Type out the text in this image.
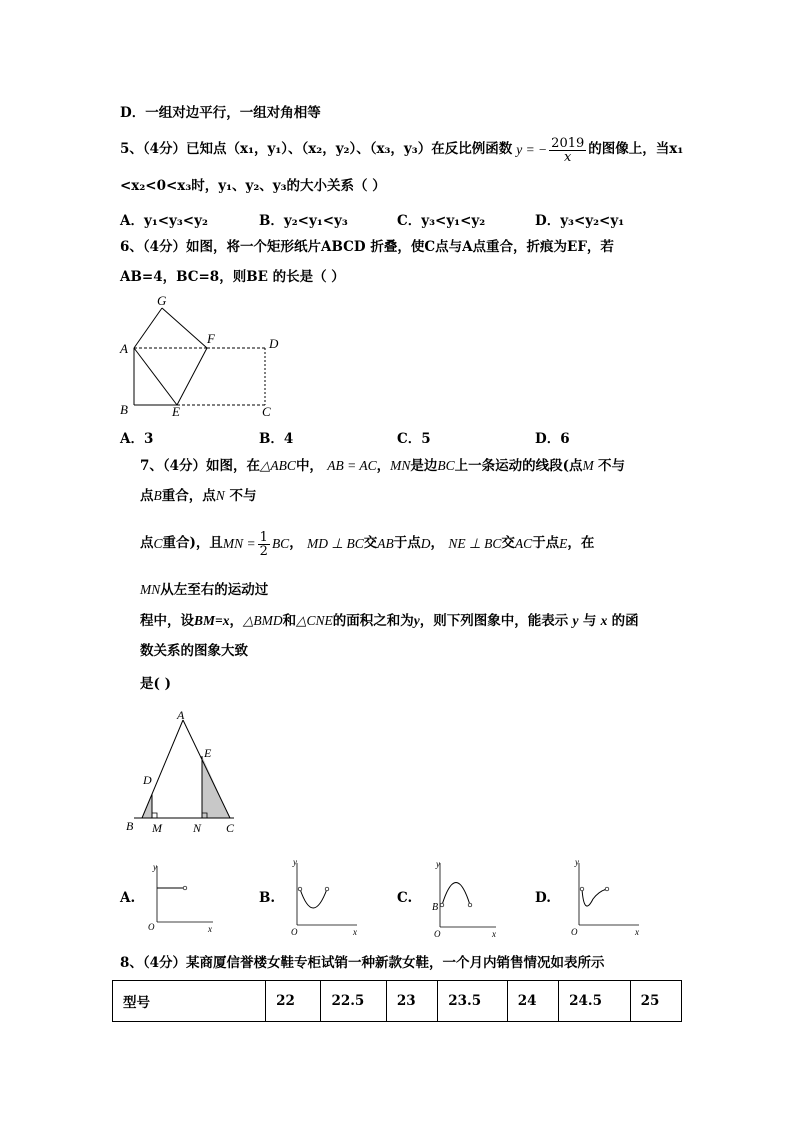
D．一组对边平行，一组对角相等
5、（4分）已知点（x₁，y₁）、（x₂，y₂）、（x₃，y₃）在反比例函数 y = − $\frac{2019}{x}$ 的图像上，当x₁
<x₂<0<x₃时，y₁、y₂、y₃的大小关系（ ）
A．y₁<y₃<y₂	B．y₂<y₁<y₃	C．y₃<y₁<y₂	D．y₃<y₂<y₁
6、（4分）如图，将一个矩形纸片ABCD 折叠，使C点与A点重合，折痕为EF，若
AB=4，BC=8，则BE 的长是（ ）
G
A
F	D
B	E	C
A．3	B．4	C．5	D．6
7、（4分）如图，在△ABC中， AB = AC，MN是边BC上一条运动的线段(点M 不与
点B重合，点N 不与
点 C 重合)，且 MN = $\frac{1}{2}$ BC ，
MD ⊥ BC 交 AB 于点 D ，
NE ⊥ BC 交 AC 于点 E ，在
MN从左至右的运动过
程中，设BM=x，△BMD和△CNE的面积之和为y，则下列图象中，能表示 y 与 x 的函
数关系的图象大致
是( )
A
E
D
B M	N C
A.
y
x
O
B.
y
x
O
C.
y
B
x
O
D.
y
x
O
8、（4分）某商厦信誉楼女鞋专柜试销一种新款女鞋，一个月内销售情况如表所示
型号	22	22.5	23	23.5	24	24.5	25
